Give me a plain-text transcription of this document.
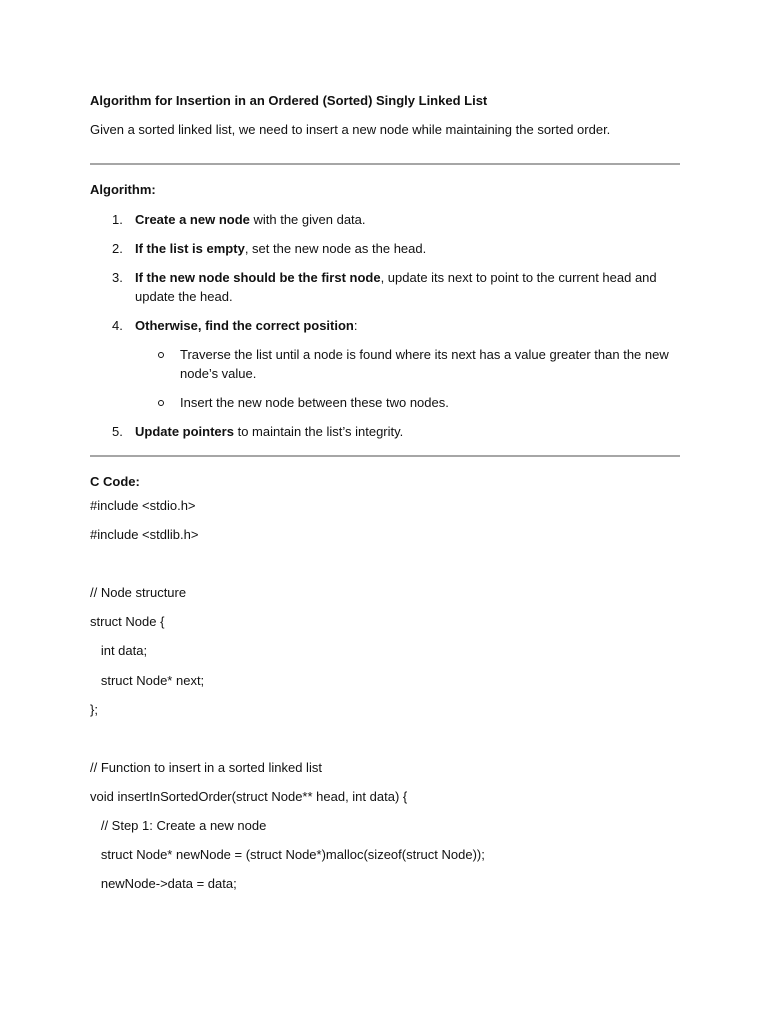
Algorithm for Insertion in an Ordered (Sorted) Singly Linked List

Given a sorted linked list, we need to insert a new node while maintaining the sorted order.

Algorithm:

1. Create a new node with the given data.
2. If the list is empty, set the new node as the head.
3. If the new node should be the first node, update its next to point to the current head and update the head.
4. Otherwise, find the correct position:
Traverse the list until a node is found where its next has a value greater than the new node’s value.
Insert the new node between these two nodes.
5. Update pointers to maintain the list’s integrity.

C Code:

#include <stdio.h>
#include <stdlib.h>
// Node structure
struct Node {
int data;
struct Node* next;
};
// Function to insert in a sorted linked list
void insertInSortedOrder(struct Node** head, int data) {
// Step 1: Create a new node
struct Node* newNode = (struct Node*)malloc(sizeof(struct Node));
newNode->data = data;
